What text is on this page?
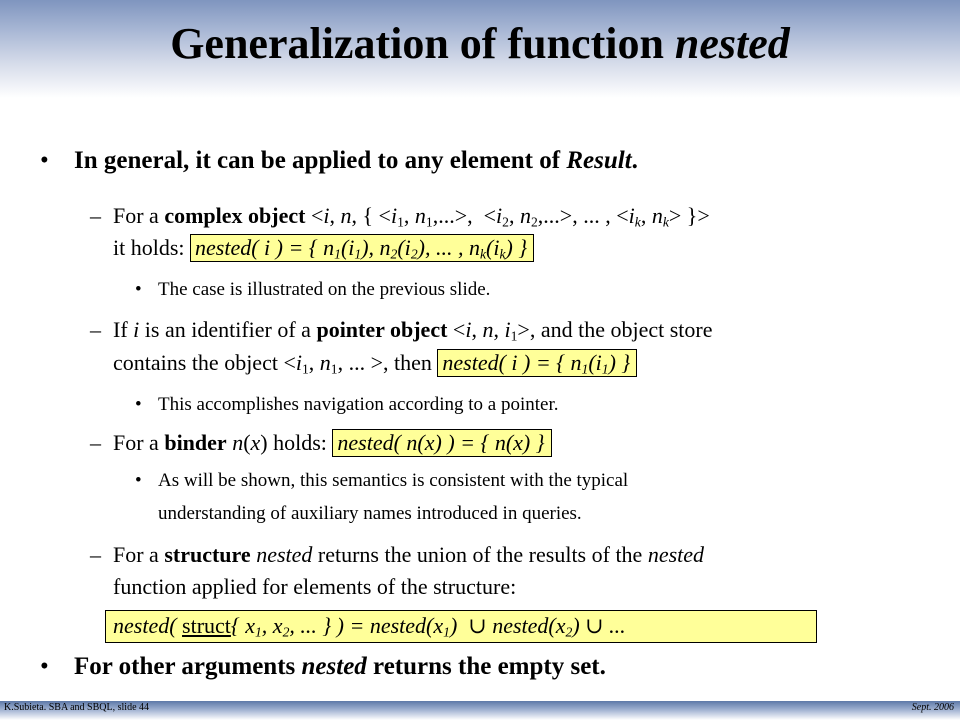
Generalization of function nested
• In general, it can be applied to any element of Result.
– For a complex object <i, n, { $<i_1$, $n_1,...>$,  $<i_2$, $n_2,...>$, ... , $<i_k$, $n_k>$ }>
it holds: nested( i ) = { $n_1(i_1)$, $n_2(i_2)$, ... , $n_k(i_k)$ }
• The case is illustrated on the previous slide.
– If i is an identifier of a pointer object <i, n, $i_1>$, and the object store
contains the object $<i_1$, $n_1$, ... >, then nested( i ) = { $n_1(i_1)$ }
• This accomplishes navigation according to a pointer.
– For a binder n(x) holds: nested( n(x) ) = { n(x) }
• As will be shown, this semantics is consistent with the typical
understanding of auxiliary names introduced in queries.
– For a structure nested returns the union of the results of the nested
function applied for elements of the structure:
nested( struct{ $x_1$, $x_2$, ... } ) = $nested(x_1)$  ∪ $nested(x_2)$ ∪ ...
• For other arguments nested returns the empty set.
K.Subieta. SBA and SBQL, slide 44	Sept. 2006
